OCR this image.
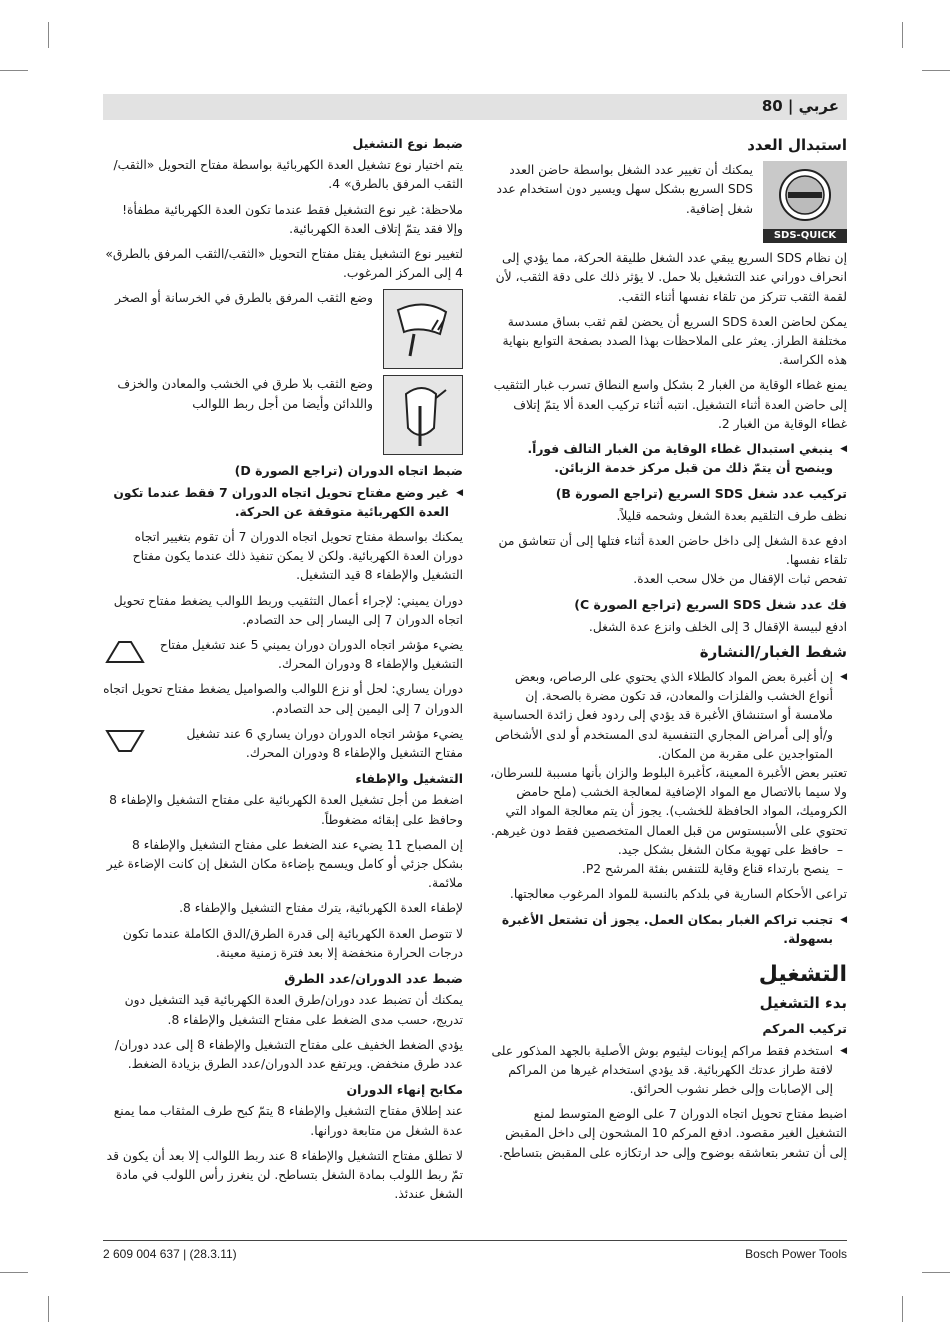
عربي | 80
استبدال العدد
SDS-QUICK
يمكنك أن تغيير عدد الشغل بواسطة حاضن العدد SDS السريع بشكل سهل ويسير دون استخدام عدد شغل إضافية.

إن نظام SDS السريع يبقي عدد الشغل طليقة الحركة، مما يؤدي إلى انحراف دوراني عند التشغيل بلا حمل. لا يؤثر ذلك على دقة الثقب، لأن لقمة الثقب تتركز من تلقاء نفسها أثناء الثقب.

يمكن لحاضن العدة SDS السريع أن يحضن لقم ثقب بساق مسدسة مختلفة الطراز. يعثر على الملاحظات بهذا الصدد بصفحة التوابع بنهاية هذه الكراسة.

يمنع غطاء الوقاية من الغبار 2 بشكل واسع النطاق تسرب غبار التثقيب إلى حاضن العدة أثناء التشغيل. انتبه أثناء تركيب العدة ألا يتمّ إتلاف غطاء الوقاية من الغبار 2.

◀ ينبغي استبدال غطاء الوقاية من الغبار التالف فوراً. وينصح أن يتمّ ذلك من قبل مركز خدمة الزبائن.

تركيب عدد شغل SDS السريع (تراجع الصورة B)

نظف طرف التلقيم بعدة الشغل وشحمه قليلاً.

ادفع عدة الشغل إلى داخل حاضن العدة أثناء فتلها إلى أن تتعاشق من تلقاء نفسها.

تفحص ثبات الإقفال من خلال سحب العدة.

فك عدد شغل SDS السريع (تراجع الصورة C)

ادفع لبيسة الإقفال 3 إلى الخلف وانزع عدة الشغل.

شفط الغبار/النشارة

◀ إن أغبرة بعض المواد كالطلاء الذي يحتوي على الرصاص، وبعض أنواع الخشب والفلزات والمعادن، قد تكون مضرة بالصحة. إن ملامسة أو استنشاق الأغبرة قد يؤدي إلى ردود فعل زائدة الحساسية و/أو إلى أمراض المجاري التنفسية لدى المستخدم أو لدى الأشخاص المتواجدين على مقربة من المكان.

تعتبر بعض الأغبرة المعينة، كأغبرة البلوط والزان بأنها مسببة للسرطان، ولا سيما بالاتصال مع المواد الإضافية لمعالجة الخشب (ملح حامض الكروميك، المواد الحافظة للخشب). يجوز أن يتم معالجة المواد التي تحتوي على الأسبستوس من قبل العمال المتخصصين فقط دون غيرهم.

– حافظ على تهوية مكان الشغل بشكل جيد.

– ينصح بارتداء قناع وقاية للتنفس بفئة المرشح P2.

تراعى الأحكام السارية في بلدكم بالنسبة للمواد المرغوب معالجتها.

◀ تجنب تراكم الغبار بمكان العمل. يجوز أن تشتعل الأغبرة بسهولة.

التشغيل
بدء التشغيل
تركيب المركم

◀ استخدم فقط مراكم إيونات ليثيوم بوش الأصلية بالجهد المذكور على لافتة طراز عدتك الكهربائية. قد يؤدي استخدام غيرها من المراكم إلى الإصابات وإلى خطر نشوب الحرائق.

اضبط مفتاح تحويل اتجاه الدوران 7 على الوضع المتوسط لمنع التشغيل الغير مقصود. ادفع المركم 10 المشحون إلى داخل المقبض إلى أن تشعر بتعاشقه بوضوح وإلى حد ارتكازه على المقبض بتساطح.

ضبط نوع التشغيل

يتم اختيار نوع تشغيل العدة الكهربائية بواسطة مفتاح التحويل «الثقب/الثقب المرفق بالطرق» 4.

ملاحظة: غير نوع التشغيل فقط عندما تكون العدة الكهربائية مطفأة! وإلا فقد يتمّ إتلاف العدة الكهربائية.

لتغيير نوع التشغيل يفتل مفتاح التحويل «الثقب/الثقب المرفق بالطرق» 4 إلى المركز المرغوب.

وضع الثقب المرفق بالطرق في الخرسانة أو الصخر
وضع الثقب بلا طرق في الخشب والمعادن والخزف واللدائن وأيضا من أجل ربط اللوالب
ضبط اتجاه الدوران (تراجع الصورة D)

◀ غير وضع مفتاح تحويل اتجاه الدوران 7 فقط عندما تكون العدة الكهربائية متوقفة عن الحركة.

يمكنك بواسطة مفتاح تحويل اتجاه الدوران 7 أن تقوم بتغيير اتجاه دوران العدة الكهربائية. ولكن لا يمكن تنفيذ ذلك عندما يكون مفتاح التشغيل والإطفاء 8 قيد التشغيل.

دوران يميني: لإجراء أعمال التثقيب وربط اللوالب يضغط مفتاح تحويل اتجاه الدوران 7 إلى اليسار إلى حد التصادم.

يضيء مؤشر اتجاه الدوران دوران يميني 5 عند تشغيل مفتاح التشغيل والإطفاء 8 ودوران المحرك.

دوران يساري: لحل أو نزع اللوالب والصواميل يضغط مفتاح تحويل اتجاه الدوران 7 إلى اليمين إلى حد التصادم.

يضيء مؤشر اتجاه الدوران دوران يساري 6 عند تشغيل مفتاح التشغيل والإطفاء 8 ودوران المحرك.
التشغيل والإطفاء

اضغط من أجل تشغيل العدة الكهربائية على مفتاح التشغيل والإطفاء 8 وحافظ على إبقائه مضغوطاً.

إن المصباح 11 يضيء عند الضغط على مفتاح التشغيل والإطفاء 8 بشكل جزئي أو كامل ويسمح بإضاءة مكان الشغل إن كانت الإضاءة غير ملائمة.

لإطفاء العدة الكهربائية، يترك مفتاح التشغيل والإطفاء 8.

لا تتوصل العدة الكهربائية إلى قدرة الطرق/الدق الكاملة عندما تكون درجات الحرارة منخفضة إلا بعد فترة زمنية معينة.

ضبط عدد الدوران/عدد الطرق

يمكنك أن تضبط عدد دوران/طرق العدة الكهربائية قيد التشغيل دون تدريج، حسب مدى الضغط على مفتاح التشغيل والإطفاء 8.

يؤدي الضغط الخفيف على مفتاح التشغيل والإطفاء 8 إلى عدد دوران/عدد طرق منخفض. ويرتفع عدد الدوران/عدد الطرق بزيادة الضغط.

مكابح إنهاء الدوران

عند إطلاق مفتاح التشغيل والإطفاء 8 يتمّ كبح طرف المثقاب مما يمنع عدة الشغل من متابعة دورانها.

لا تطلق مفتاح التشغيل والإطفاء 8 عند ربط اللوالب إلا بعد أن يكون قد تمّ ربط اللولب بمادة الشغل بتساطح. لن ينغرز رأس اللولب في مادة الشغل عندئذ.

2 609 004 637 | (28.3.11)	Bosch Power Tools
